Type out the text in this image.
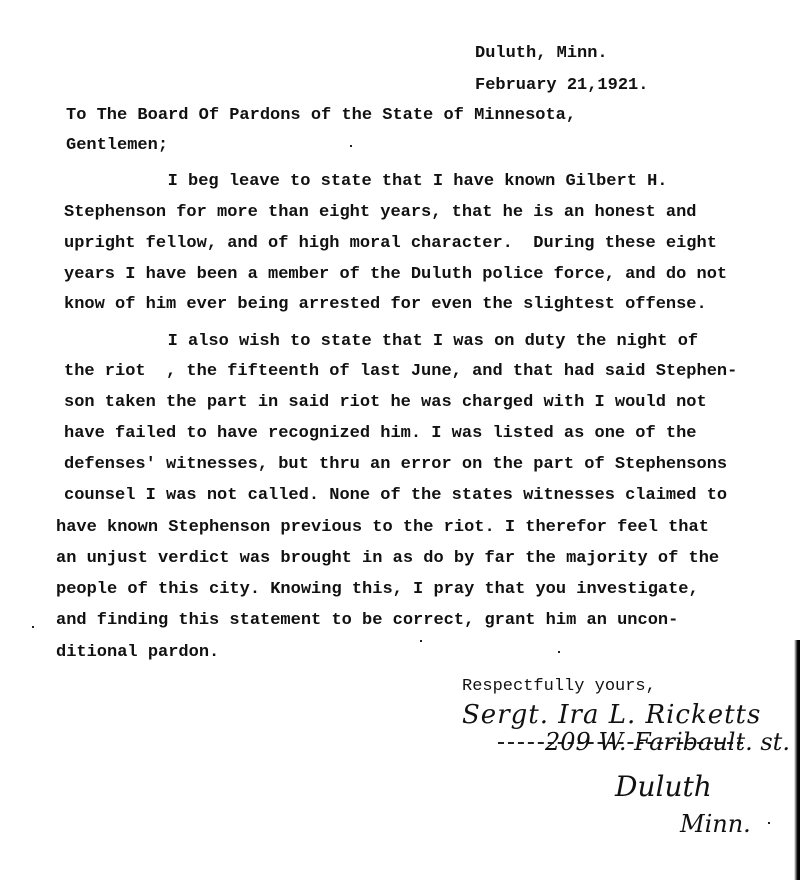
Duluth, Minn.
February 21,1921.
To The Board Of Pardons of the State of Minnesota,
Gentlemen;
I beg leave to state that I have known Gilbert H.
Stephenson for more than eight years, that he is an honest and
upright fellow, and of high moral character.  During these eight
years I have been a member of the Duluth police force, and do not
know of him ever being arrested for even the slightest offense.
I also wish to state that I was on duty the night of
the riot  , the fifteenth of last June, and that had said Stephen-
son taken the part in said riot he was charged with I would not
have failed to have recognized him. I was listed as one of the
defenses' witnesses, but thru an error on the part of Stephensons
counsel I was not called. None of the states witnesses claimed to
have known Stephenson previous to the riot. I therefor feel that
an unjust verdict was brought in as do by far the majority of the
people of this city. Knowing this, I pray that you investigate,
and finding this statement to be correct, grant him an uncon-
ditional pardon.
Respectfully yours,
Sergt. Ira L. Ricketts
209 W. Faribault. st.
Duluth
Minn.
